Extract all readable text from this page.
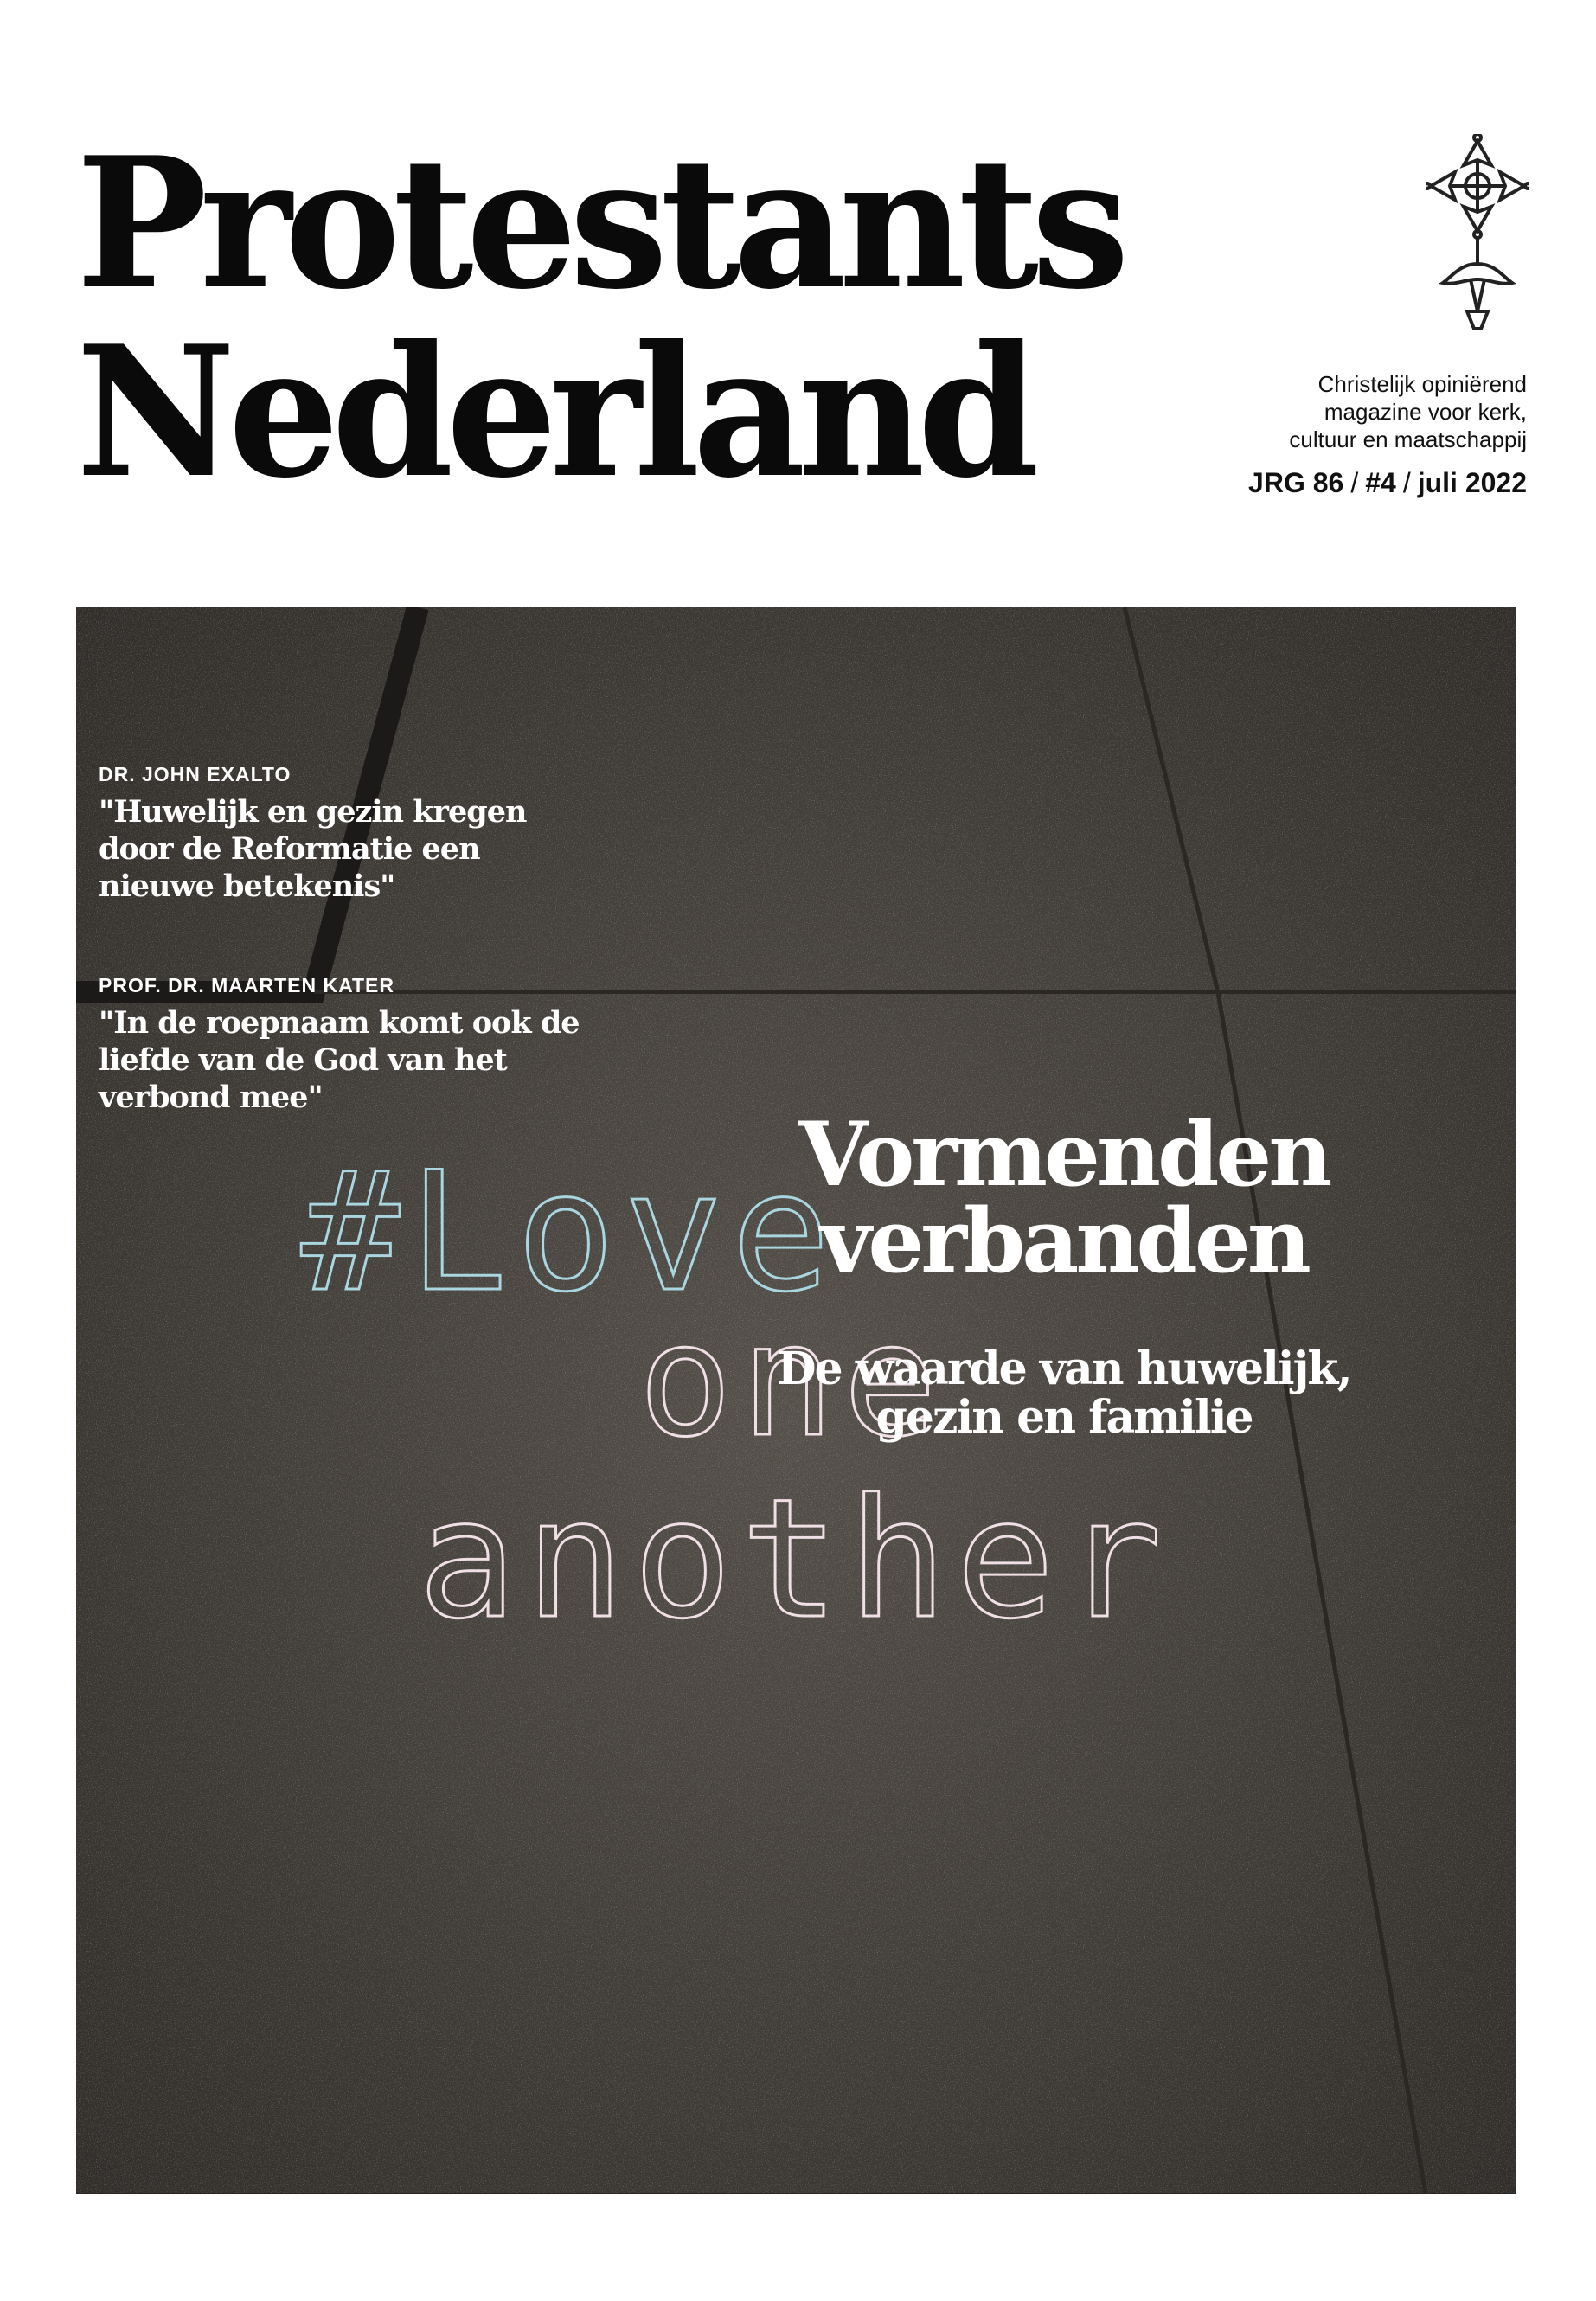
Protestants
Nederland	Christelijk opiniërend
magazine voor kerk,
cultuur en maatschappij
JRG 86 / #4 / juli 2022
#Love
one
another
DR. JOHN EXALTO
"Huwelijk en gezin kregen door de Reformatie een nieuwe betekenis"
PROF. DR. MAARTEN KATER
"In de roepnaam komt ook de liefde van de God van het verbond mee"
Vormenden
verbanden
De waarde van huwelijk, gezin en familie
